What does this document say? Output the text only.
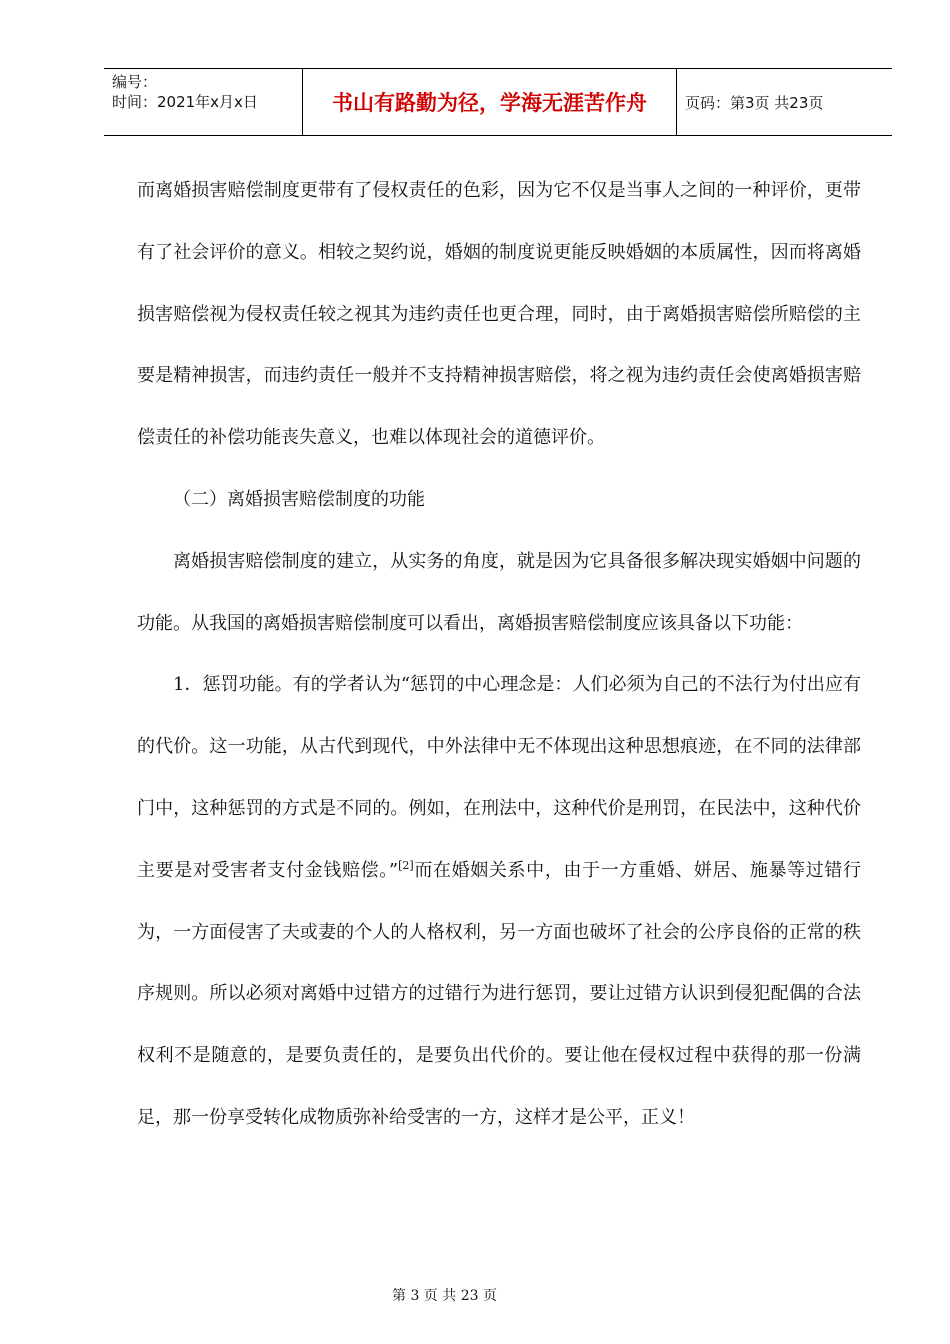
编号：
时间：2021年x月x日	书山有路勤为径，学海无涯苦作舟	页码：第3页 共23页

而离婚损害赔偿制度更带有了侵权责任的色彩，因为它不仅是当事人之间的一种评价，更带有了社会评价的意义。相较之契约说，婚姻的制度说更能反映婚姻的本质属性，因而将离婚损害赔偿视为侵权责任较之视其为违约责任也更合理，同时，由于离婚损害赔偿所赔偿的主要是精神损害，而违约责任一般并不支持精神损害赔偿，将之视为违约责任会使离婚损害赔偿责任的补偿功能丧失意义，也难以体现社会的道德评价。

（二）离婚损害赔偿制度的功能

离婚损害赔偿制度的建立，从实务的角度，就是因为它具备很多解决现实婚姻中问题的功能。从我国的离婚损害赔偿制度可以看出，离婚损害赔偿制度应该具备以下功能：

1．惩罚功能。有的学者认为“惩罚的中心理念是：人们必须为自己的不法行为付出应有的代价。这一功能，从古代到现代，中外法律中无不体现出这种思想痕迹，在不同的法律部门中，这种惩罚的方式是不同的。例如，在刑法中，这种代价是刑罚，在民法中，这种代价主要是对受害者支付金钱赔偿。”[2]而在婚姻关系中，由于一方重婚、姘居、施暴等过错行为，一方面侵害了夫或妻的个人的人格权利，另一方面也破坏了社会的公序良俗的正常的秩序规则。所以必须对离婚中过错方的过错行为进行惩罚，要让过错方认识到侵犯配偶的合法权利不是随意的，是要负责任的，是要负出代价的。要让他在侵权过程中获得的那一份满足，那一份享受转化成物质弥补给受害的一方，这样才是公平，正义！

第 3 页 共 23 页
